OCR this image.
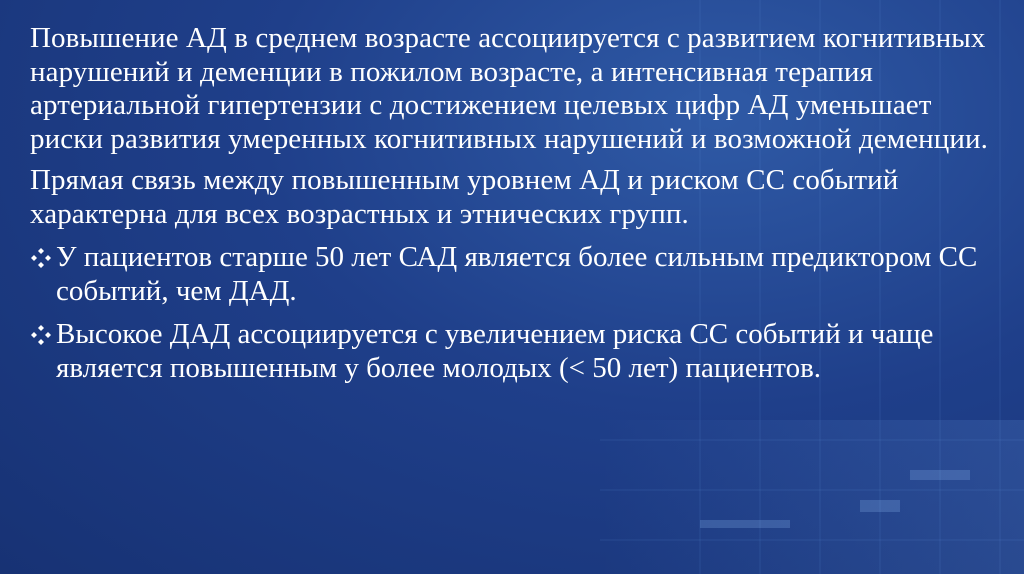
Повышение АД в среднем возрасте ассоциируется с развитием когнитивных нарушений и деменции в пожилом возрасте, а интенсивная терапия артериальной гипертензии с достижением целевых цифр АД уменьшает риски развития умеренных когнитивных нарушений и возможной деменции.

Прямая связь между повышенным уровнем АД и риском СС событий характерна для всех возрастных и этнических групп.

У пациентов старше 50 лет САД является более сильным предиктором СС событий, чем ДАД.
Высокое ДАД ассоциируется с увеличением риска СС событий и чаще является повышенным у более молодых (< 50 лет) пациентов.
